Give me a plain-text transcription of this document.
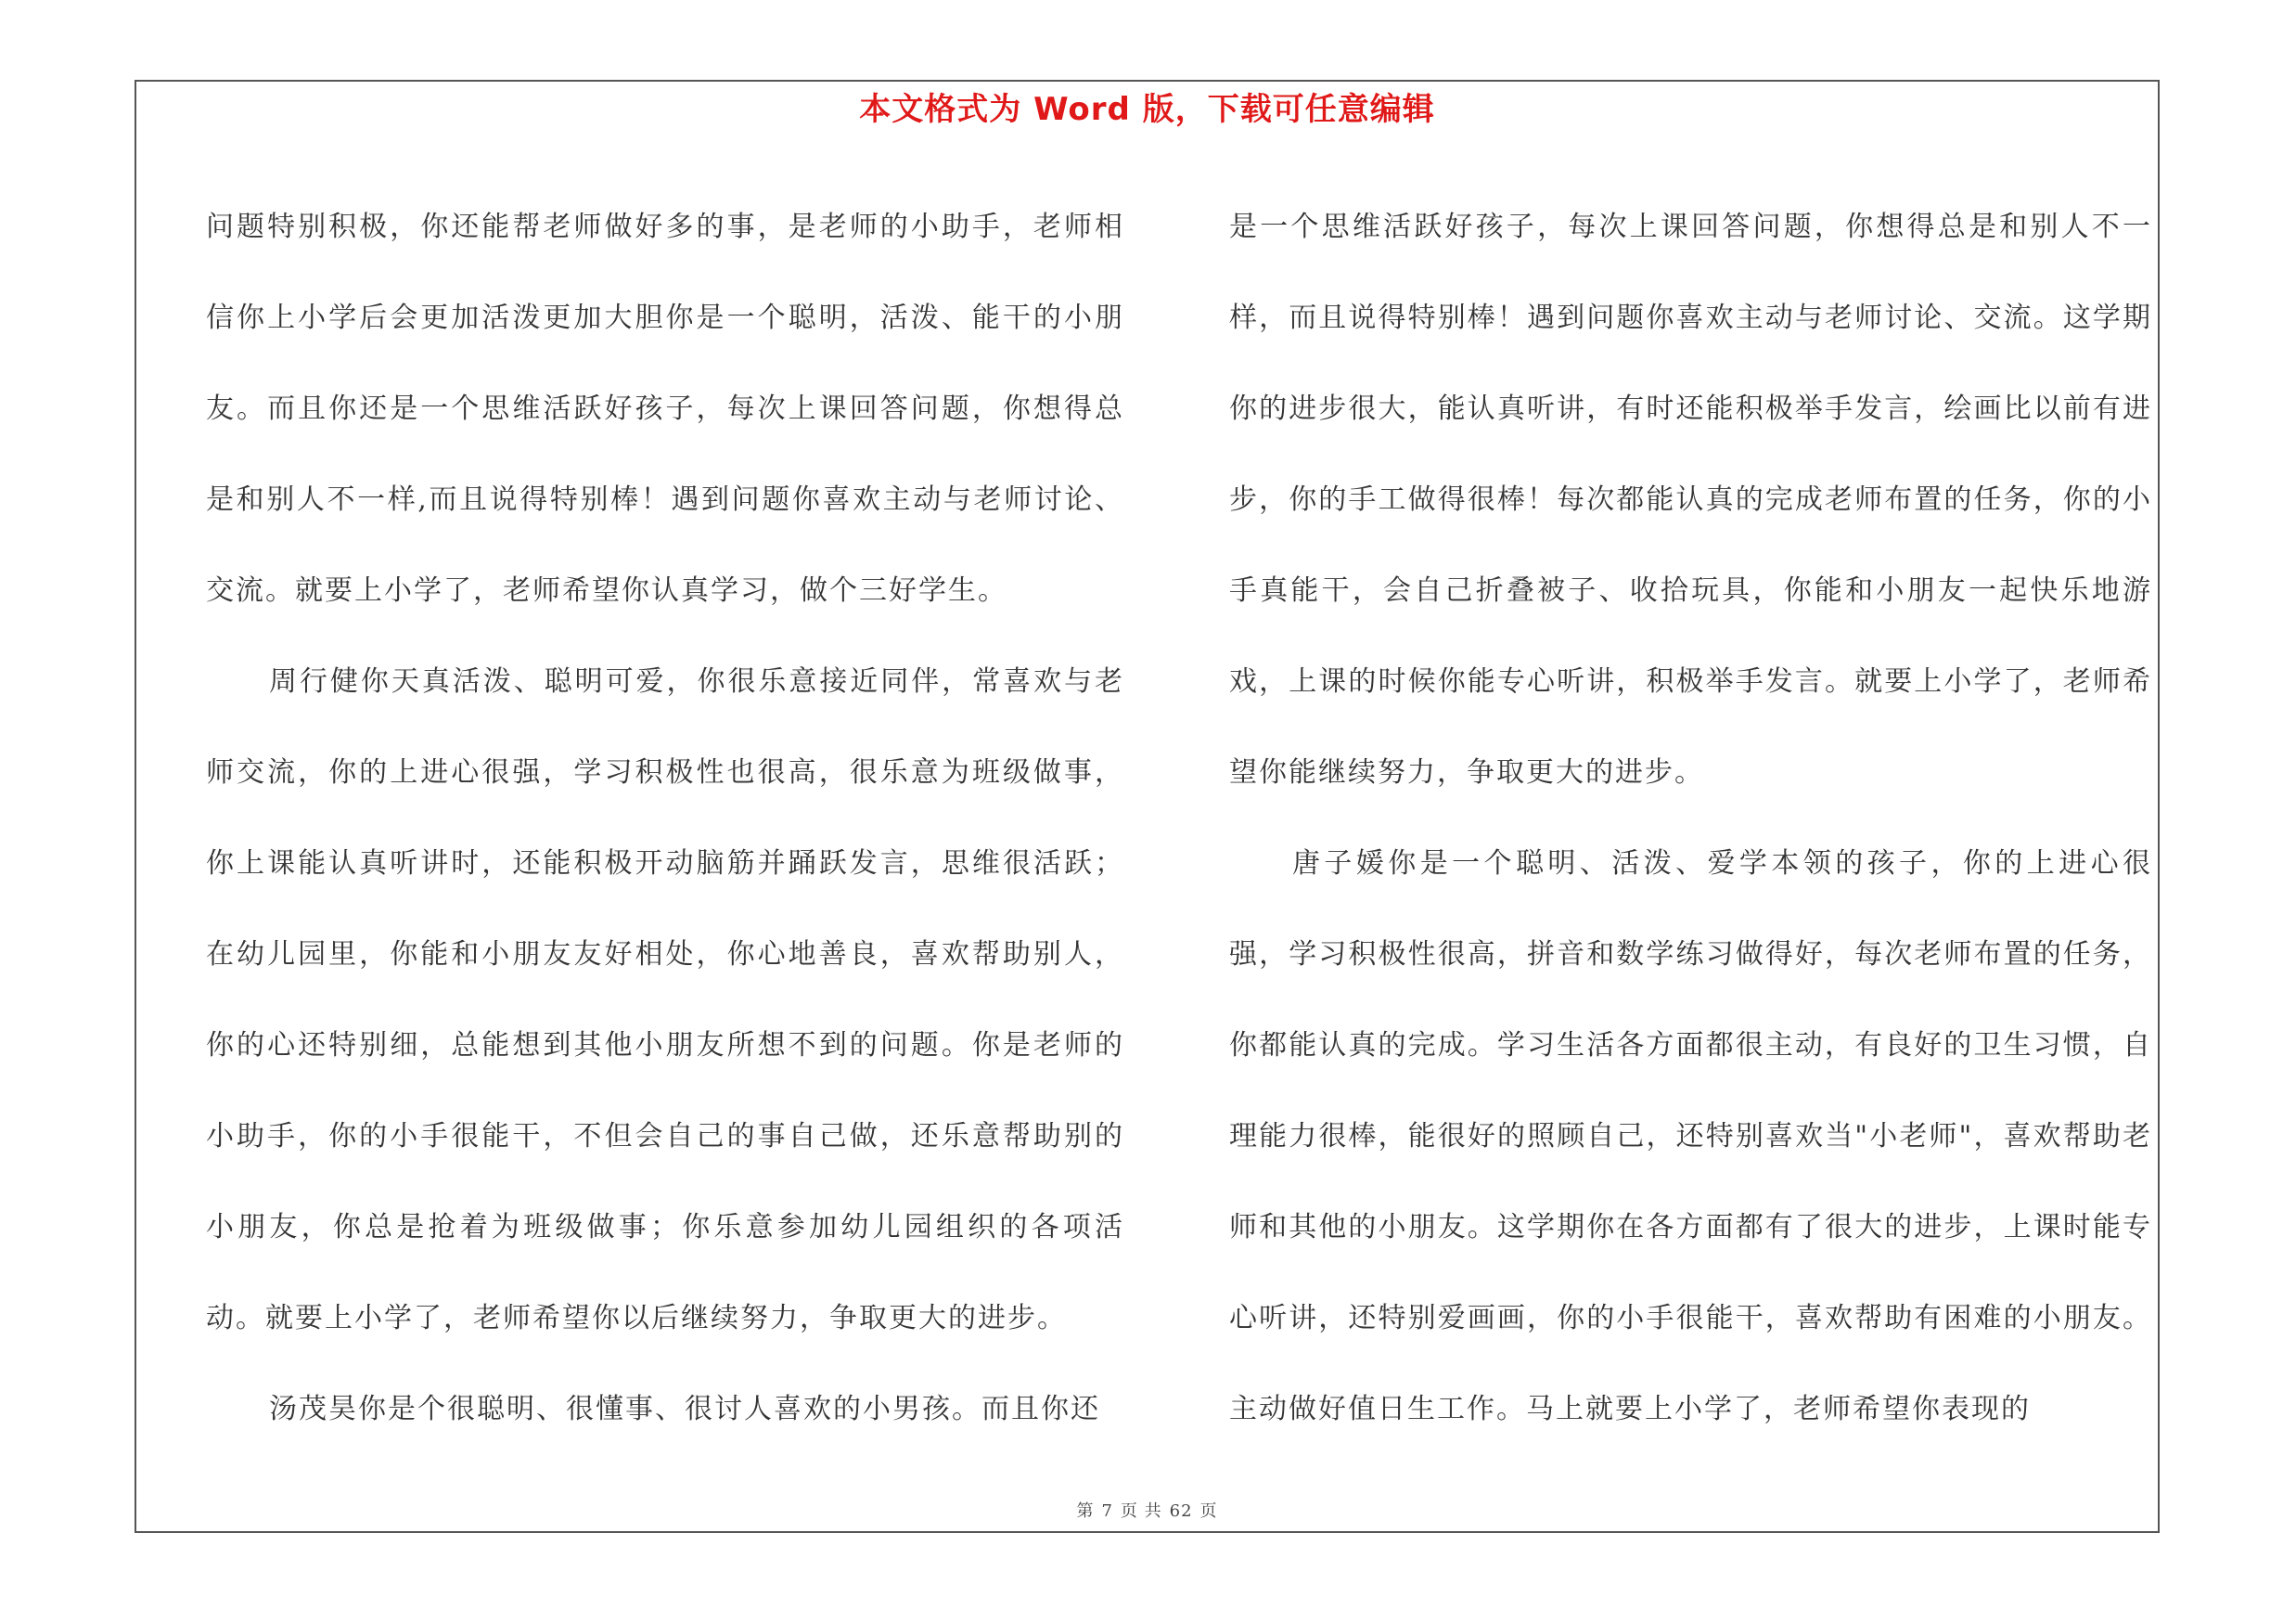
本文格式为 Word 版，下载可任意编辑

问题特别积极，你还能帮老师做好多的事，是老师的小助手，老师相信你上小学后会更加活泼更加大胆你是一个聪明，活泼、能干的小朋友。而且你还是一个思维活跃好孩子，每次上课回答问题，你想得总是和别人不一样,而且说得特别棒！遇到问题你喜欢主动与老师讨论、交流。就要上小学了，老师希望你认真学习，做个三好学生。

周行健你天真活泼、聪明可爱，你很乐意接近同伴，常喜欢与老师交流，你的上进心很强，学习积极性也很高，很乐意为班级做事，你上课能认真听讲时，还能积极开动脑筋并踊跃发言，思维很活跃；在幼儿园里，你能和小朋友友好相处，你心地善良，喜欢帮助别人，你的心还特别细，总能想到其他小朋友所想不到的问题。你是老师的小助手，你的小手很能干，不但会自己的事自己做，还乐意帮助别的小朋友，你总是抢着为班级做事；你乐意参加幼儿园组织的各项活动。就要上小学了，老师希望你以后继续努力，争取更大的进步。

汤茂昊你是个很聪明、很懂事、很讨人喜欢的小男孩。而且你还

是一个思维活跃好孩子，每次上课回答问题，你想得总是和别人不一样，而且说得特别棒！遇到问题你喜欢主动与老师讨论、交流。这学期你的进步很大，能认真听讲，有时还能积极举手发言，绘画比以前有进步，你的手工做得很棒！每次都能认真的完成老师布置的任务，你的小手真能干，会自己折叠被子、收拾玩具，你能和小朋友一起快乐地游戏，上课的时候你能专心听讲，积极举手发言。就要上小学了，老师希望你能继续努力，争取更大的进步。

唐子媛你是一个聪明、活泼、爱学本领的孩子，你的上进心很强，学习积极性很高，拼音和数学练习做得好，每次老师布置的任务，你都能认真的完成。学习生活各方面都很主动，有良好的卫生习惯，自理能力很棒，能很好的照顾自己，还特别喜欢当"小老师"，喜欢帮助老师和其他的小朋友。这学期你在各方面都有了很大的进步，上课时能专心听讲，还特别爱画画，你的小手很能干，喜欢帮助有困难的小朋友。主动做好值日生工作。马上就要上小学了，老师希望你表现的

第 7 页 共 62 页
